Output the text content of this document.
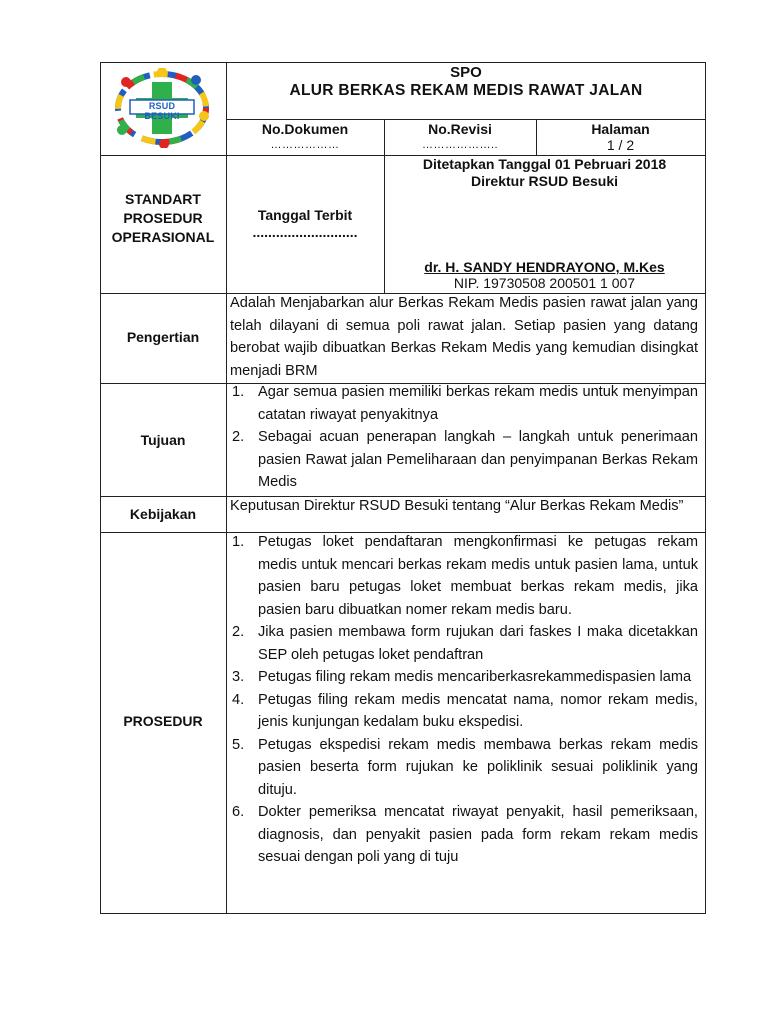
RSUD BESUKI
SPO
ALUR BERKAS REKAM MEDIS RAWAT JALAN
No.Dokumen
………………
No.Revisi
………………..
Halaman
1 / 2
STANDART
PROSEDUR
OPERASIONAL
Tanggal Terbit
...........................
Ditetapkan Tanggal 01 Pebruari 2018
Direktur RSUD Besuki
dr. H. SANDY HENDRAYONO, M.Kes
NIP. 19730508 200501 1 007
Pengertian
Adalah Menjabarkan alur Berkas Rekam Medis pasien rawat jalan yang telah dilayani di semua poli rawat jalan. Setiap pasien yang datang berobat wajib dibuatkan Berkas Rekam Medis yang kemudian disingkat menjadi BRM
Tujuan
1. Agar semua pasien memiliki berkas rekam medis untuk menyimpan catatan riwayat penyakitnya
2. Sebagai acuan penerapan langkah – langkah untuk penerimaan pasien Rawat jalan Pemeliharaan dan penyimpanan Berkas Rekam Medis
Kebijakan	Keputusan Direktur RSUD Besuki tentang “Alur Berkas Rekam Medis”
PROSEDUR
1. Petugas loket pendaftaran mengkonfirmasi ke petugas rekam medis untuk mencari berkas rekam medis untuk pasien lama, untuk pasien baru petugas loket membuat berkas rekam medis, jika pasien baru dibuatkan nomer rekam medis baru.
2. Jika pasien membawa form rujukan dari faskes I maka dicetakkan SEP oleh petugas loket pendaftran
3. Petugas filing rekam medis mencariberkasrekammedispasien lama
4. Petugas filing rekam medis mencatat nama, nomor rekam medis, jenis kunjungan kedalam buku ekspedisi.
5. Petugas ekspedisi rekam medis membawa berkas rekam medis pasien beserta form rujukan ke poliklinik sesuai poliklinik yang dituju.
6. Dokter pemeriksa mencatat riwayat penyakit, hasil pemeriksaan, diagnosis, dan penyakit pasien pada form rekam rekam medis sesuai dengan poli yang di tuju
